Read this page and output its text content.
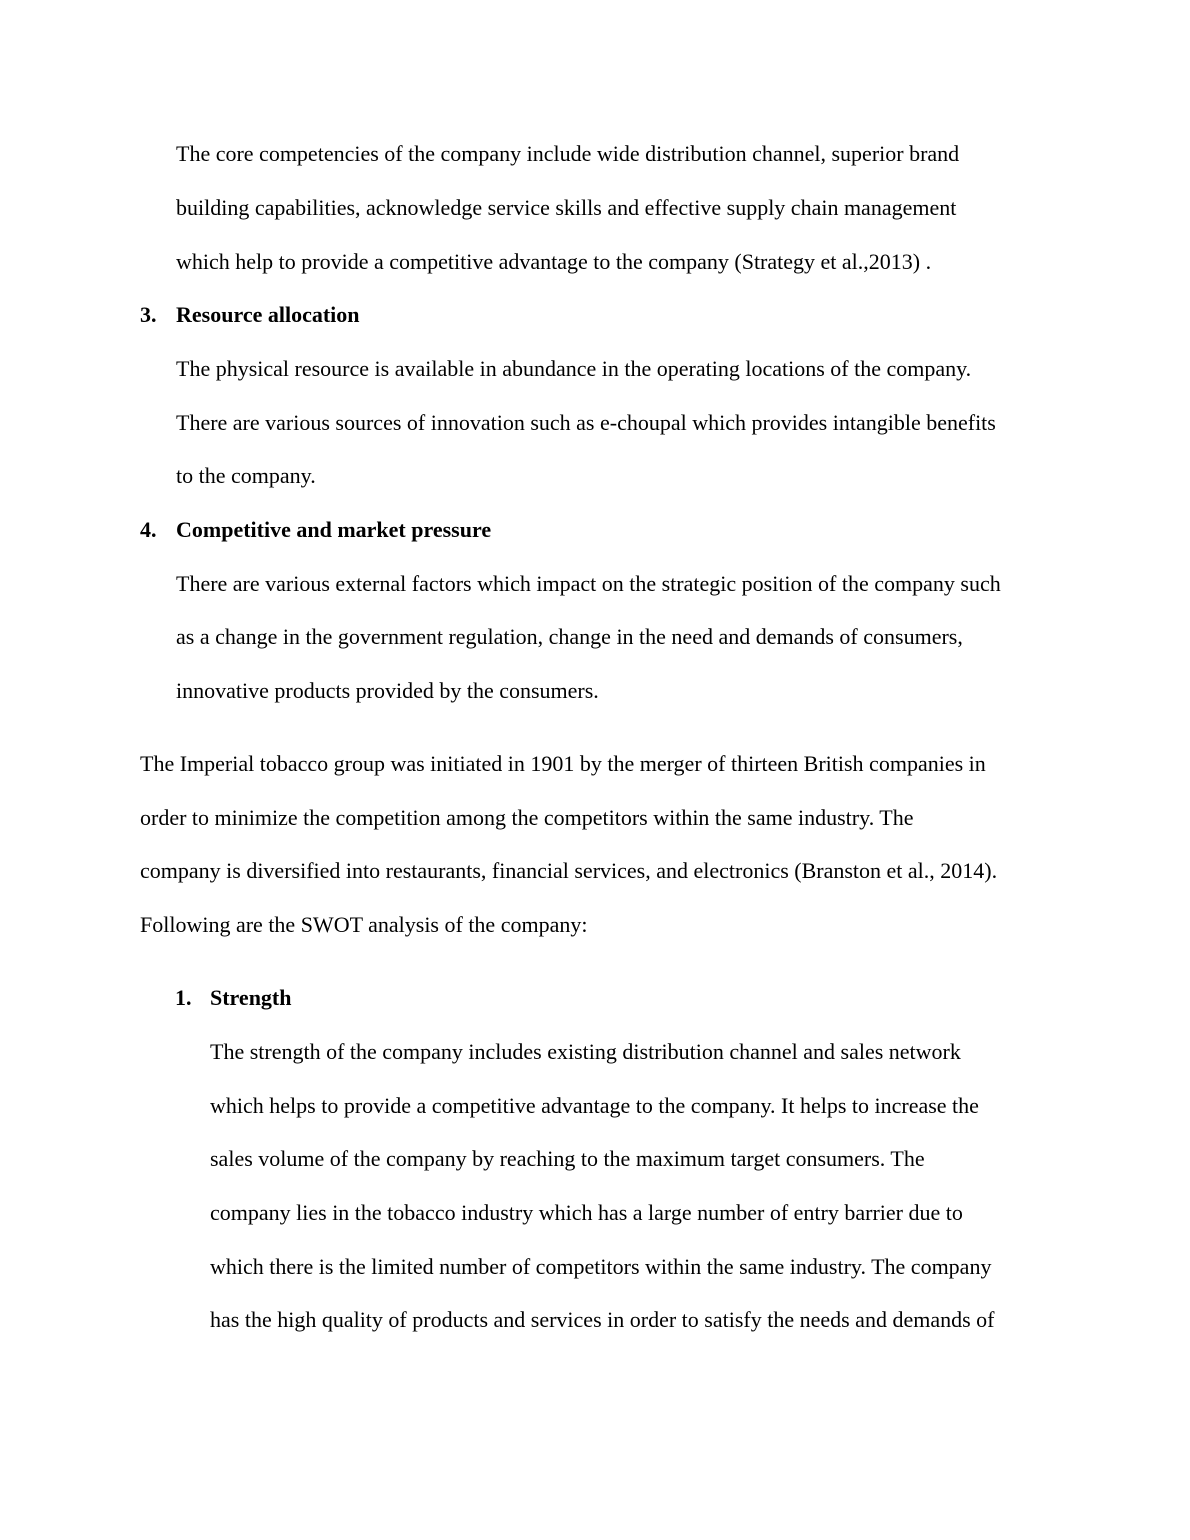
The core competencies of the company include wide distribution channel, superior brand

building capabilities, acknowledge service skills and effective supply chain management

which help to provide a competitive advantage to the company (Strategy et al.,2013) .

3. Resource allocation

The physical resource is available in abundance in the operating locations of the company.

There are various sources of innovation such as e-choupal which provides intangible benefits

to the company.

4. Competitive and market pressure

There are various external factors which impact on the strategic position of the company such

as a change in the government regulation, change in the need and demands of consumers,

innovative products provided by the consumers.

The Imperial tobacco group was initiated in 1901 by the merger of thirteen British companies in

order to minimize the competition among the competitors within the same industry. The

company is diversified into restaurants, financial services, and electronics (Branston et al., 2014).

Following are the SWOT analysis of the company:

1. Strength

The strength of the company includes existing distribution channel and sales network

which helps to provide a competitive advantage to the company. It helps to increase the

sales volume of the company by reaching to the maximum target consumers. The

company lies in the tobacco industry which has a large number of entry barrier due to

which there is the limited number of competitors within the same industry. The company

has the high quality of products and services in order to satisfy the needs and demands of
